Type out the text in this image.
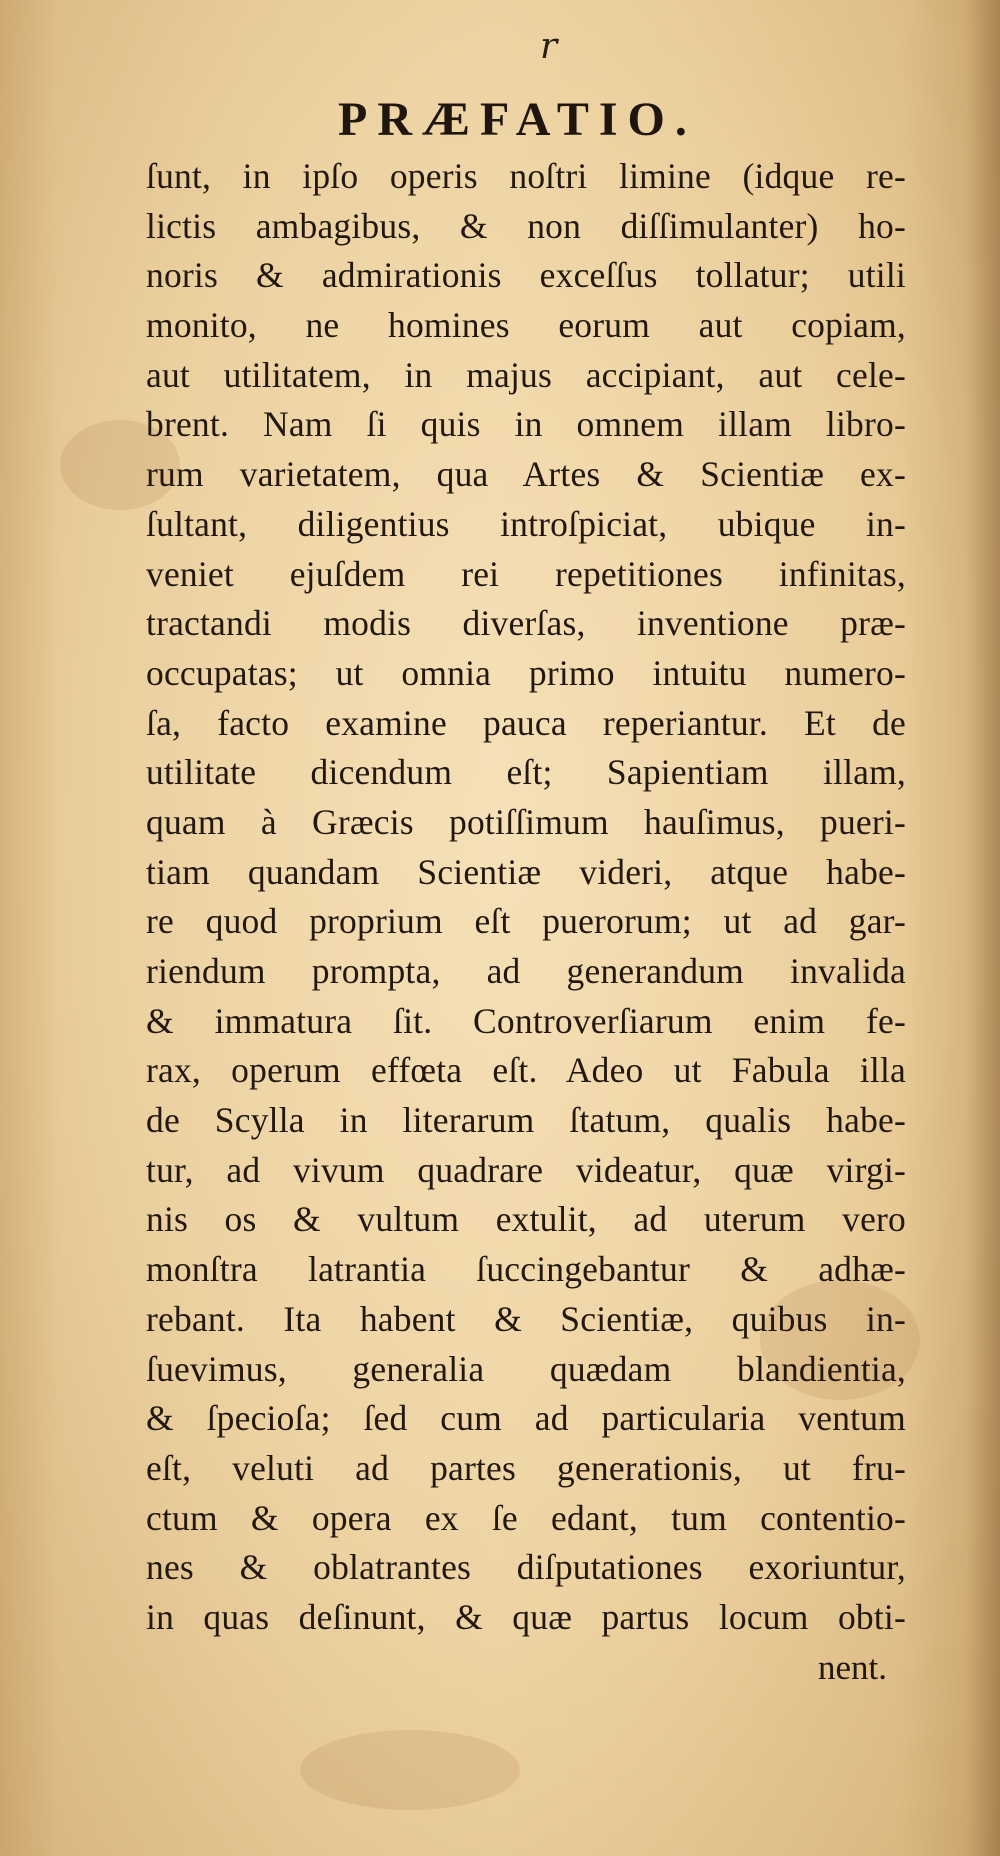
r
PRÆFATIO.
ſunt, in ipſo operis noſtri limine (idque re-
lictis ambagibus, & non diſſimulanter) ho-
noris & admirationis exceſſus tollatur; utili
monito, ne homines eorum aut copiam,
aut utilitatem, in majus accipiant, aut cele-
brent. Nam ſi quis in omnem illam libro-
rum varietatem, qua Artes & Scientiæ ex-
ſultant, diligentius introſpiciat, ubique in-
veniet ejuſdem rei repetitiones infinitas,
tractandi modis diverſas, inventione præ-
occupatas; ut omnia primo intuitu numero-
ſa, facto examine pauca reperiantur. Et de
utilitate dicendum eſt; Sapientiam illam,
quam à Græcis potiſſimum hauſimus, pueri-
tiam quandam Scientiæ videri, atque habe-
re quod proprium eſt puerorum; ut ad gar-
riendum prompta, ad generandum invalida
& immatura ſit. Controverſiarum enim fe-
rax, operum effœta eſt. Adeo ut Fabula illa
de Scylla in literarum ſtatum, qualis habe-
tur, ad vivum quadrare videatur, quæ virgi-
nis os & vultum extulit, ad uterum vero
monſtra latrantia ſuccingebantur & adhæ-
rebant. Ita habent & Scientiæ, quibus in-
ſuevimus, generalia quædam blandientia,
& ſpecioſa; ſed cum ad particularia ventum
eſt, veluti ad partes generationis, ut fru-
ctum & opera ex ſe edant, tum contentio-
nes & oblatrantes diſputationes exoriuntur,
in quas deſinunt, & quæ partus locum obti-
nent.
